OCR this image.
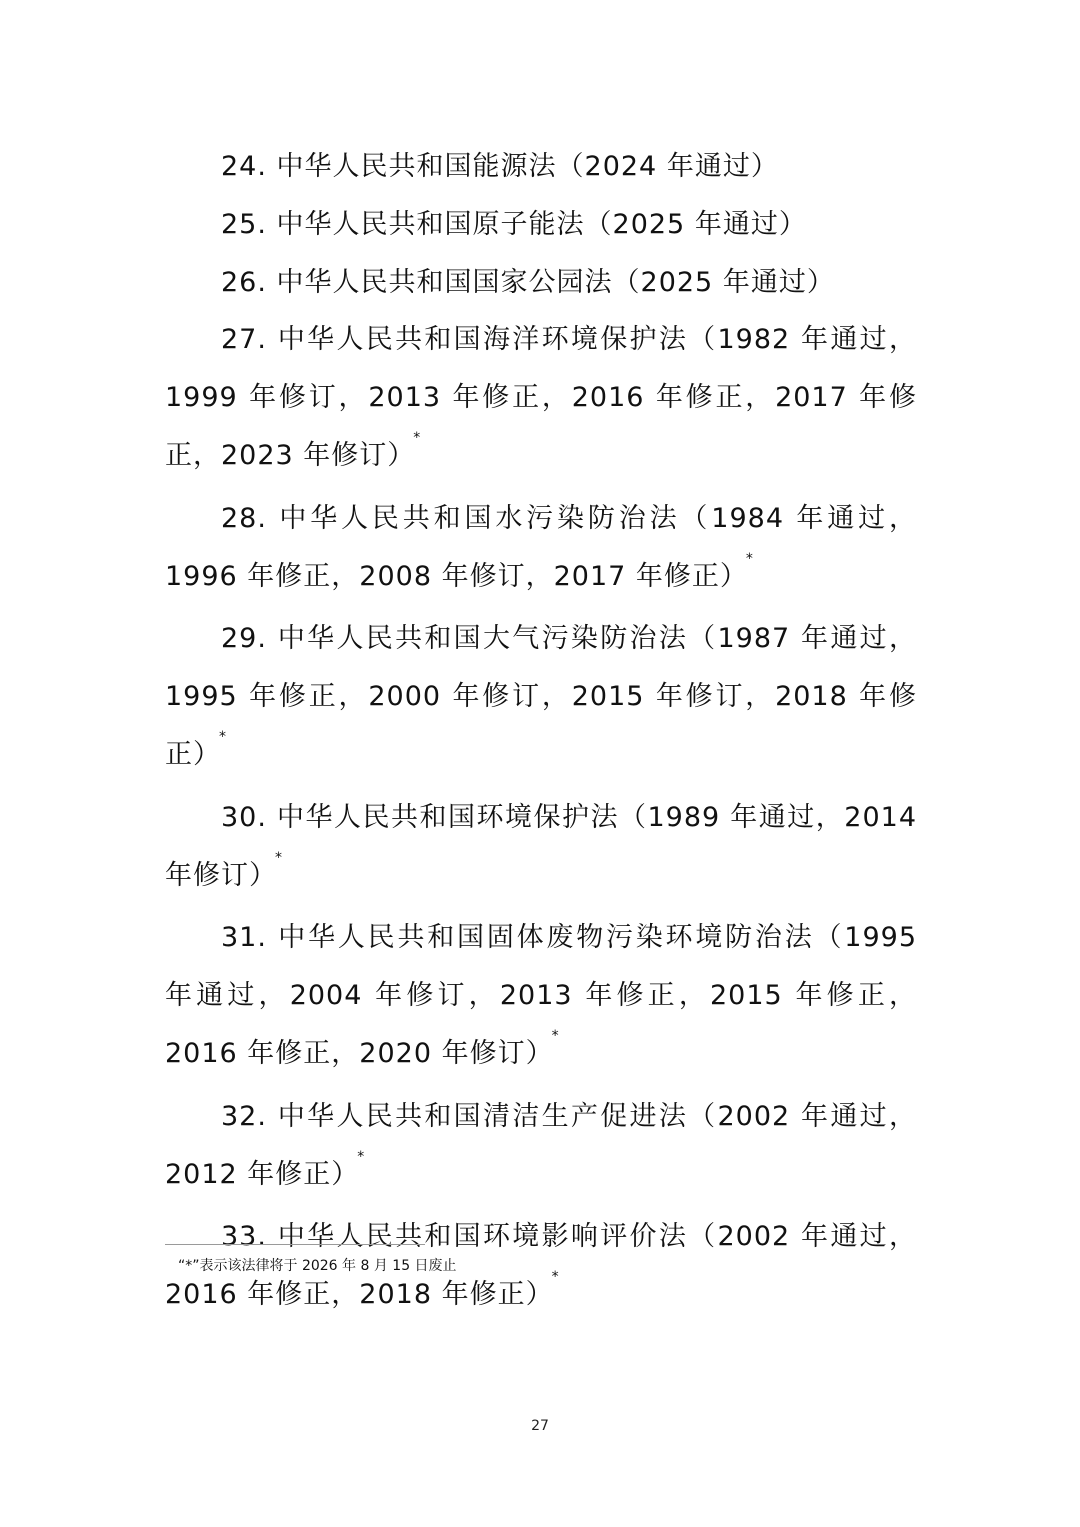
24. 中华人民共和国能源法（2024 年通过）

25. 中华人民共和国原子能法（2025 年通过）

26. 中华人民共和国国家公园法（2025 年通过）

27. 中华人民共和国海洋环境保护法（1982 年通过，1999 年修订，2013 年修正，2016 年修正，2017 年修正，2023 年修订）*

28. 中华人民共和国水污染防治法（1984 年通过，1996 年修正，2008 年修订，2017 年修正）*

29. 中华人民共和国大气污染防治法（1987 年通过，1995 年修正，2000 年修订，2015 年修订，2018 年修正）*

30. 中华人民共和国环境保护法（1989 年通过，2014 年修订）*

31. 中华人民共和国固体废物污染环境防治法（1995 年通过，2004 年修订，2013 年修正，2015 年修正，2016 年修正，2020 年修订）*

32. 中华人民共和国清洁生产促进法（2002 年通过，2012 年修正）*

33. 中华人民共和国环境影响评价法（2002 年通过，2016 年修正，2018 年修正）*

“*”表示该法律将于 2026 年 8 月 15 日废止
27
